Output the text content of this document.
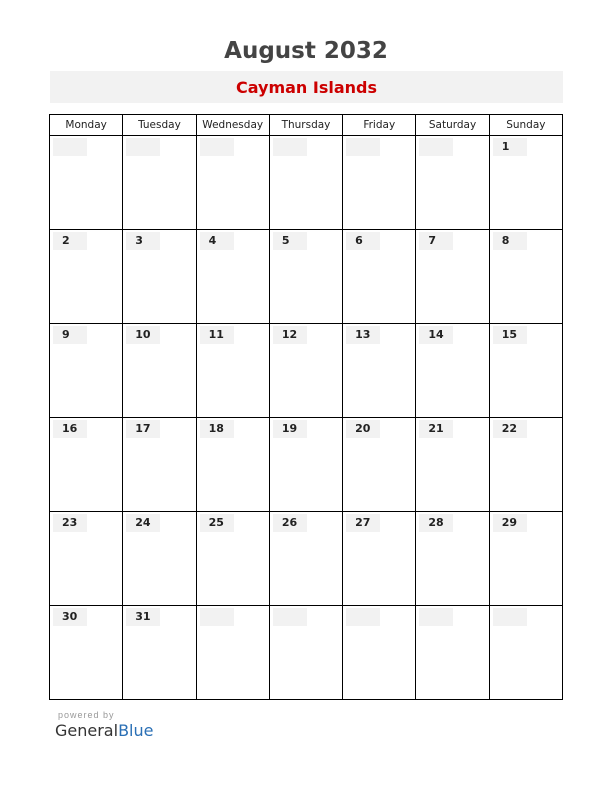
August 2032
Cayman Islands
Monday	Tuesday	Wednesday	Thursday	Friday	Saturday	Sunday

						1

2	3	4	5	6	7	8

9	10	11	12	13	14	15

16	17	18	19	20	21	22

23	24	25	26	27	28	29

30	31					

powered by
GeneralBlue
